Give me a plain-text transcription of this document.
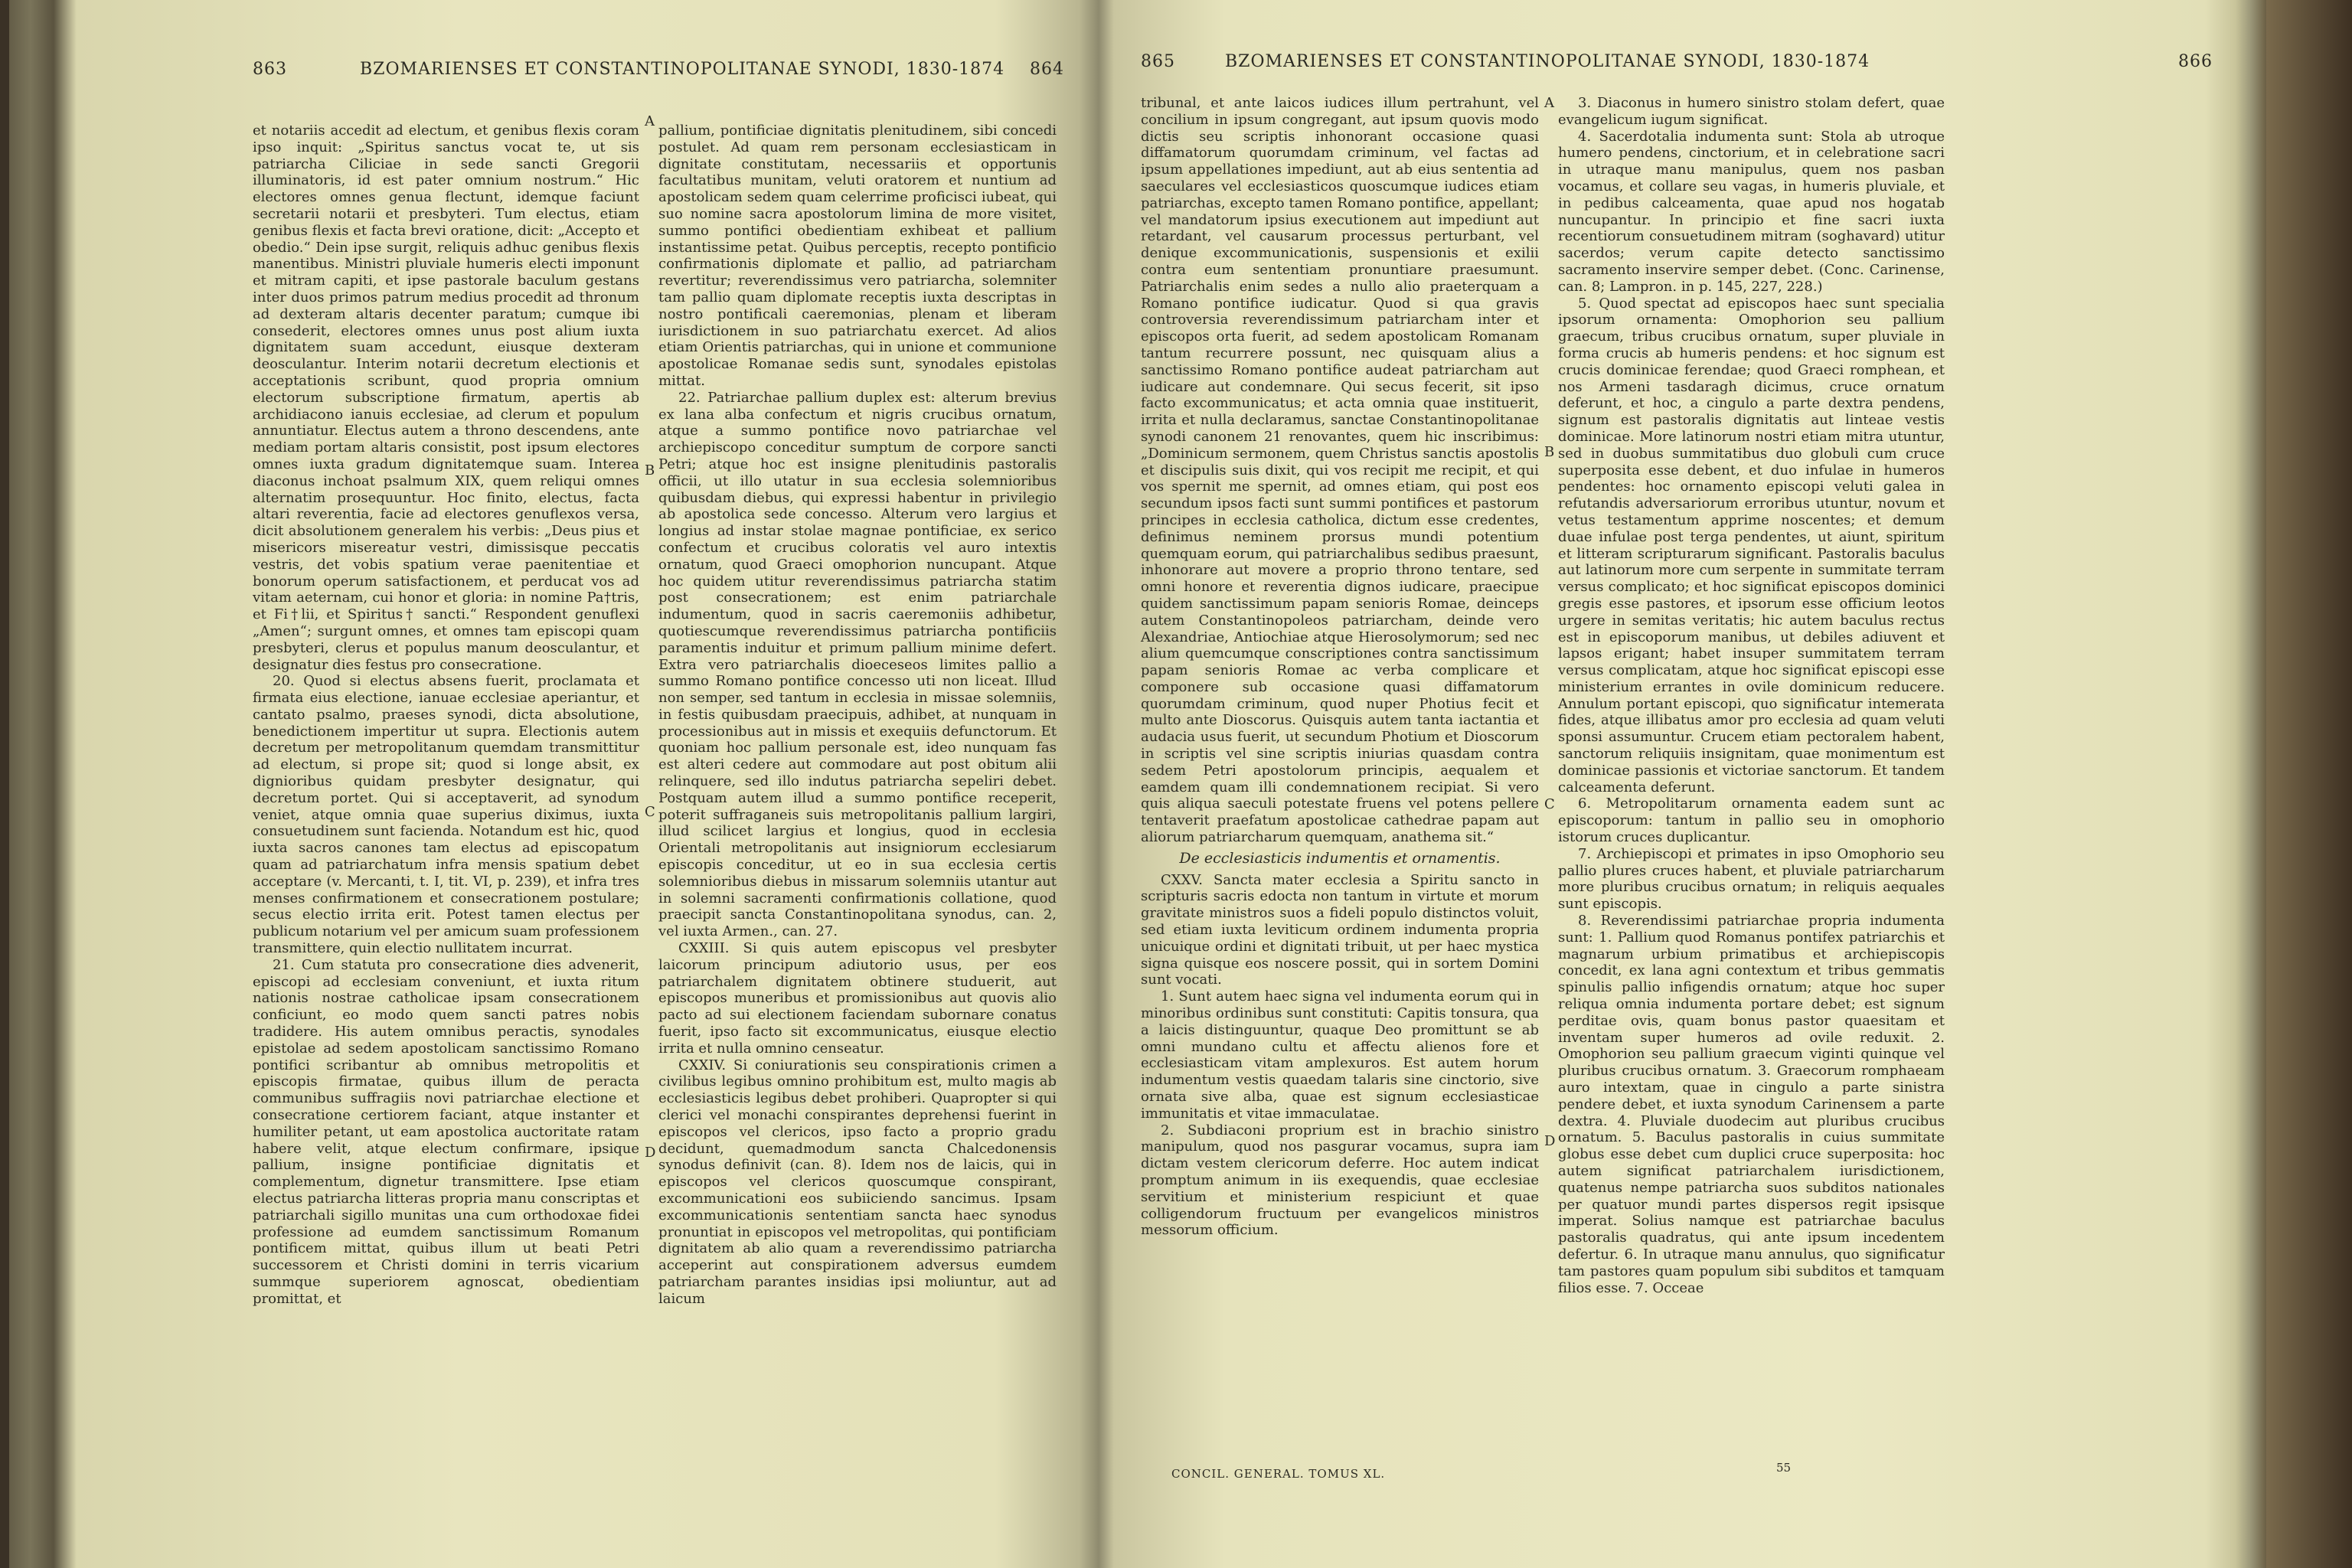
863	BZOMARIENSES ET CONSTANTINOPOLITANAE SYNODI, 1830-1874 864

et notariis accedit ad electum, et genibus flexis coram ipso inquit: „Spiritus sanctus vocat te, ut sis patriarcha Ciliciae in sede sancti Gregorii illuminatoris, id est pater omnium nostrum.“ Hic electores omnes genua flectunt, idemque faciunt secretarii notarii et presbyteri. Tum electus, etiam genibus flexis et facta brevi oratione, dicit: „Accepto et obedio.“ Dein ipse surgit, reliquis adhuc genibus flexis manentibus. Ministri pluviale humeris electi imponunt et mitram capiti, et ipse pastorale baculum gestans inter duos primos patrum medius procedit ad thronum ad dexteram altaris decenter paratum; cumque ibi consederit, electores omnes unus post alium iuxta dignitatem suam accedunt, eiusque dexteram deosculantur. Interim notarii decretum electionis et acceptationis scribunt, quod propria omnium electorum subscriptione firmatum, apertis ab archidiacono ianuis ecclesiae, ad clerum et populum annuntiatur. Electus autem a throno descendens, ante mediam portam altaris consistit, post ipsum electores omnes iuxta gradum dignitatemque suam. Interea diaconus inchoat psalmum XIX, quem reliqui omnes alternatim prosequuntur. Hoc finito, electus, facta altari reverentia, facie ad electores genuflexos versa, dicit absolutionem generalem his verbis: „Deus pius et misericors misereatur vestri, dimissisque peccatis vestris, det vobis spatium verae paenitentiae et bonorum operum satisfactionem, et perducat vos ad vitam aeternam, cui honor et gloria: in nomine Pa†tris, et Fi†lii, et Spiritus† sancti.“ Respondent genuflexi „Amen“; surgunt omnes, et omnes tam episcopi quam presbyteri, clerus et populus manum deosculantur, et designatur dies festus pro consecratione.

20. Quod si electus absens fuerit, proclamata et firmata eius electione, ianuae ecclesiae aperiantur, et cantato psalmo, praeses synodi, dicta absolutione, benedictionem impertitur ut supra. Electionis autem decretum per metropolitanum quemdam transmittitur ad electum, si prope sit; quod si longe absit, ex dignioribus quidam presbyter designatur, qui decretum portet. Qui si acceptaverit, ad synodum veniet, atque omnia quae superius diximus, iuxta consuetudinem sunt facienda. Notandum est hic, quod iuxta sacros canones tam electus ad episcopatum quam ad patriarchatum infra mensis spatium debet acceptare (v. Mercanti, t. I, tit. VI, p. 239), et infra tres menses confirmationem et consecrationem postulare; secus electio irrita erit. Potest tamen electus per publicum notarium vel per amicum suam professionem transmittere, quin electio nullitatem incurrat.

21. Cum statuta pro consecratione dies advenerit, episcopi ad ecclesiam conveniunt, et iuxta ritum nationis nostrae catholicae ipsam consecrationem conficiunt, eo modo quem sancti patres nobis tradidere. His autem omnibus peractis, synodales epistolae ad sedem apostolicam sanctissimo Romano pontifici scribantur ab omnibus metropolitis et episcopis firmatae, quibus illum de peracta communibus suffragiis novi patriarchae electione et consecratione certiorem faciant, atque instanter et humiliter petant, ut eam apostolica auctoritate ratam habere velit, atque electum confirmare, ipsique pallium, insigne pontificiae dignitatis et complementum, dignetur transmittere. Ipse etiam electus patriarcha litteras propria manu conscriptas et patriarchali sigillo munitas una cum orthodoxae fidei professione ad eumdem sanctissimum Romanum pontificem mittat, quibus illum ut beati Petri successorem et Christi domini in terris vicarium summque superiorem agnoscat, obedientiam promittat, et

pallium, pontificiae dignitatis plenitudinem, sibi concedi postulet. Ad quam rem personam ecclesiasticam in dignitate constitutam, necessariis et opportunis facultatibus munitam, veluti oratorem et nuntium ad apostolicam sedem quam celerrime proficisci iubeat, qui suo nomine sacra apostolorum limina de more visitet, summo pontifici obedientiam exhibeat et pallium instantissime petat. Quibus perceptis, recepto pontificio confirmationis diplomate et pallio, ad patriarcham revertitur; reverendissimus vero patriarcha, solemniter tam pallio quam diplomate receptis iuxta descriptas in nostro pontificali caeremonias, plenam et liberam iurisdictionem in suo patriarchatu exercet. Ad alios etiam Orientis patriarchas, qui in unione et communione apostolicae Romanae sedis sunt, synodales epistolas mittat.

22. Patriarchae pallium duplex est: alterum brevius ex lana alba confectum et nigris crucibus ornatum, atque a summo pontifice novo patriarchae vel archiepiscopo conceditur sumptum de corpore sancti Petri; atque hoc est insigne plenitudinis pastoralis officii, ut illo utatur in sua ecclesia solemnioribus quibusdam diebus, qui expressi habentur in privilegio ab apostolica sede concesso. Alterum vero largius et longius ad instar stolae magnae pontificiae, ex serico confectum et crucibus coloratis vel auro intextis ornatum, quod Graeci omophorion nuncupant. Atque hoc quidem utitur reverendissimus patriarcha statim post consecrationem; est enim patriarchale indumentum, quod in sacris caeremoniis adhibetur, quotiescumque reverendissimus patriarcha pontificiis paramentis induitur et primum pallium minime defert. Extra vero patriarchalis dioeceseos limites pallio a summo Romano pontifice concesso uti non liceat. Illud non semper, sed tantum in ecclesia in missae solemniis, in festis quibusdam praecipuis, adhibet, at nunquam in processionibus aut in missis et exequiis defunctorum. Et quoniam hoc pallium personale est, ideo nunquam fas est alteri cedere aut commodare aut post obitum alii relinquere, sed illo indutus patriarcha sepeliri debet. Postquam autem illud a summo pontifice receperit, poterit suffraganeis suis metropolitanis pallium largiri, illud scilicet largius et longius, quod in ecclesia Orientali metropolitanis aut insigniorum ecclesiarum episcopis conceditur, ut eo in sua ecclesia certis solemnioribus diebus in missarum solemniis utantur aut in solemni sacramenti confirmationis collatione, quod praecipit sancta Constantinopolitana synodus, can. 2, vel iuxta Armen., can. 27.

CXXIII. Si quis autem episcopus vel presbyter laicorum principum adiutorio usus, per eos patriarchalem dignitatem obtinere studuerit, aut episcopos muneribus et promissionibus aut quovis alio pacto ad sui electionem faciendam subornare conatus fuerit, ipso facto sit excommunicatus, eiusque electio irrita et nulla omnino censeatur.

CXXIV. Si coniurationis seu conspirationis crimen a civilibus legibus omnino prohibitum est, multo magis ab ecclesiasticis legibus debet prohiberi. Quapropter si qui clerici vel monachi conspirantes deprehensi fuerint in episcopos vel clericos, ipso facto a proprio gradu decidunt, quemadmodum sancta Chalcedonensis synodus definivit (can. 8). Idem nos de laicis, qui in episcopos vel clericos quoscumque conspirant, excommunicationi eos subiiciendo sancimus. Ipsam excommunicationis sententiam sancta haec synodus pronuntiat in episcopos vel metropolitas, qui pontificiam dignitatem ab alio quam a reverendissimo patriarcha acceperint aut conspirationem adversus eumdem patriarcham parantes insidias ipsi moliuntur, aut ad laicum

A
B
C
D
865	BZOMARIENSES ET CONSTANTINOPOLITANAE SYNODI, 1830-1874	866

tribunal, et ante laicos iudices illum pertrahunt, vel concilium in ipsum congregant, aut ipsum quovis modo dictis seu scriptis inhonorant occasione quasi diffamatorum quorumdam criminum, vel factas ad ipsum appellationes impediunt, aut ab eius sententia ad saeculares vel ecclesiasticos quoscumque iudices etiam patriarchas, excepto tamen Romano pontifice, appellant; vel mandatorum ipsius executionem aut impediunt aut retardant, vel causarum processus perturbant, vel denique excommunicationis, suspensionis et exilii contra eum sententiam pronuntiare praesumunt. Patriarchalis enim sedes a nullo alio praeterquam a Romano pontifice iudicatur. Quod si qua gravis controversia reverendissimum patriarcham inter et episcopos orta fuerit, ad sedem apostolicam Romanam tantum recurrere possunt, nec quisquam alius a sanctissimo Romano pontifice audeat patriarcham aut iudicare aut condemnare. Qui secus fecerit, sit ipso facto excommunicatus; et acta omnia quae instituerit, irrita et nulla declaramus, sanctae Constantinopolitanae synodi canonem 21 renovantes, quem hic inscribimus: „Dominicum sermonem, quem Christus sanctis apostolis et discipulis suis dixit, qui vos recipit me recipit, et qui vos spernit me spernit, ad omnes etiam, qui post eos secundum ipsos facti sunt summi pontifices et pastorum principes in ecclesia catholica, dictum esse credentes, definimus neminem prorsus mundi potentium quemquam eorum, qui patriarchalibus sedibus praesunt, inhonorare aut movere a proprio throno tentare, sed omni honore et reverentia dignos iudicare, praecipue quidem sanctissimum papam senioris Romae, deinceps autem Constantinopoleos patriarcham, deinde vero Alexandriae, Antiochiae atque Hierosolymorum; sed nec alium quemcumque conscriptiones contra sanctissimum papam senioris Romae ac verba complicare et componere sub occasione quasi diffamatorum quorumdam criminum, quod nuper Photius fecit et multo ante Dioscorus. Quisquis autem tanta iactantia et audacia usus fuerit, ut secundum Photium et Dioscorum in scriptis vel sine scriptis iniurias quasdam contra sedem Petri apostolorum principis, aequalem et eamdem quam illi condemnationem recipiat. Si vero quis aliqua saeculi potestate fruens vel potens pellere tentaverit praefatum apostolicae cathedrae papam aut aliorum patriarcharum quemquam, anathema sit.“

De ecclesiasticis indumentis et ornamentis.

CXXV. Sancta mater ecclesia a Spiritu sancto in scripturis sacris edocta non tantum in virtute et morum gravitate ministros suos a fideli populo distinctos voluit, sed etiam iuxta leviticum ordinem indumenta propria unicuique ordini et dignitati tribuit, ut per haec mystica signa quisque eos noscere possit, qui in sortem Domini sunt vocati.

1. Sunt autem haec signa vel indumenta eorum qui in minoribus ordinibus sunt constituti: Capitis tonsura, qua a laicis distinguuntur, quaque Deo promittunt se ab omni mundano cultu et affectu alienos fore et ecclesiasticam vitam amplexuros. Est autem horum indumentum vestis quaedam talaris sine cinctorio, sive ornata sive alba, quae est signum ecclesiasticae immunitatis et vitae immaculatae.

2. Subdiaconi proprium est in brachio sinistro manipulum, quod nos pasgurar vocamus, supra iam dictam vestem clericorum deferre. Hoc autem indicat promptum animum in iis exequendis, quae ecclesiae servitium et ministerium respiciunt et quae colligendorum fructuum per evangelicos ministros messorum officium.

3. Diaconus in humero sinistro stolam defert, quae evangelicum iugum significat.

4. Sacerdotalia indumenta sunt: Stola ab utroque humero pendens, cinctorium, et in celebratione sacri in utraque manu manipulus, quem nos pasban vocamus, et collare seu vagas, in humeris pluviale, et in pedibus calceamenta, quae apud nos hogatab nuncupantur. In principio et fine sacri iuxta recentiorum consuetudinem mitram (soghavard) utitur sacerdos; verum capite detecto sanctissimo sacramento inservire semper debet. (Conc. Carinense, can. 8; Lampron. in p. 145, 227, 228.)

5. Quod spectat ad episcopos haec sunt specialia ipsorum ornamenta: Omophorion seu pallium graecum, tribus crucibus ornatum, super pluviale in forma crucis ab humeris pendens: et hoc signum est crucis dominicae ferendae; quod Graeci romphean, et nos Armeni tasdaragh dicimus, cruce ornatum deferunt, et hoc, a cingulo a parte dextra pendens, signum est pastoralis dignitatis aut linteae vestis dominicae. More latinorum nostri etiam mitra utuntur, sed in duobus summitatibus duo globuli cum cruce superposita esse debent, et duo infulae in humeros pendentes: hoc ornamento episcopi veluti galea in refutandis adversariorum erroribus utuntur, novum et vetus testamentum apprime noscentes; et demum duae infulae post terga pendentes, ut aiunt, spiritum et litteram scripturarum significant. Pastoralis baculus aut latinorum more cum serpente in summitate terram versus complicato; et hoc significat episcopos dominici gregis esse pastores, et ipsorum esse officium leotos urgere in semitas veritatis; hic autem baculus rectus est in episcoporum manibus, ut debiles adiuvent et lapsos erigant; habet insuper summitatem terram versus complicatam, atque hoc significat episcopi esse ministerium errantes in ovile dominicum reducere. Annulum portant episcopi, quo significatur intemerata fides, atque illibatus amor pro ecclesia ad quam veluti sponsi assumuntur. Crucem etiam pectoralem habent, sanctorum reliquiis insignitam, quae monimentum est dominicae passionis et victoriae sanctorum. Et tandem calceamenta deferunt.

6. Metropolitarum ornamenta eadem sunt ac episcoporum: tantum in pallio seu in omophorio istorum cruces duplicantur.

7. Archiepiscopi et primates in ipso Omophorio seu pallio plures cruces habent, et pluviale patriarcharum more pluribus crucibus ornatum; in reliquis aequales sunt episcopis.

8. Reverendissimi patriarchae propria indumenta sunt: 1. Pallium quod Romanus pontifex patriarchis et magnarum urbium primatibus et archiepiscopis concedit, ex lana agni contextum et tribus gemmatis spinulis pallio infigendis ornatum; atque hoc super reliqua omnia indumenta portare debet; est signum perditae ovis, quam bonus pastor quaesitam et inventam super humeros ad ovile reduxit. 2. Omophorion seu pallium graecum viginti quinque vel pluribus crucibus ornatum. 3. Graecorum romphaeam auro intextam, quae in cingulo a parte sinistra pendere debet, et iuxta synodum Carinensem a parte dextra. 4. Pluviale duodecim aut pluribus crucibus ornatum. 5. Baculus pastoralis in cuius summitate globus esse debet cum duplici cruce superposita: hoc autem significat patriarchalem iurisdictionem, quatenus nempe patriarcha suos subditos nationales per quatuor mundi partes dispersos regit ipsisque imperat. Solius namque est patriarchae baculus pastoralis quadratus, qui ante ipsum incedentem defertur. 6. In utraque manu annulus, quo significatur tam pastores quam populum sibi subditos et tamquam filios esse. 7. Occeae

A
B
C
D
CONCIL. GENERAL. TOMUS XL.	55
